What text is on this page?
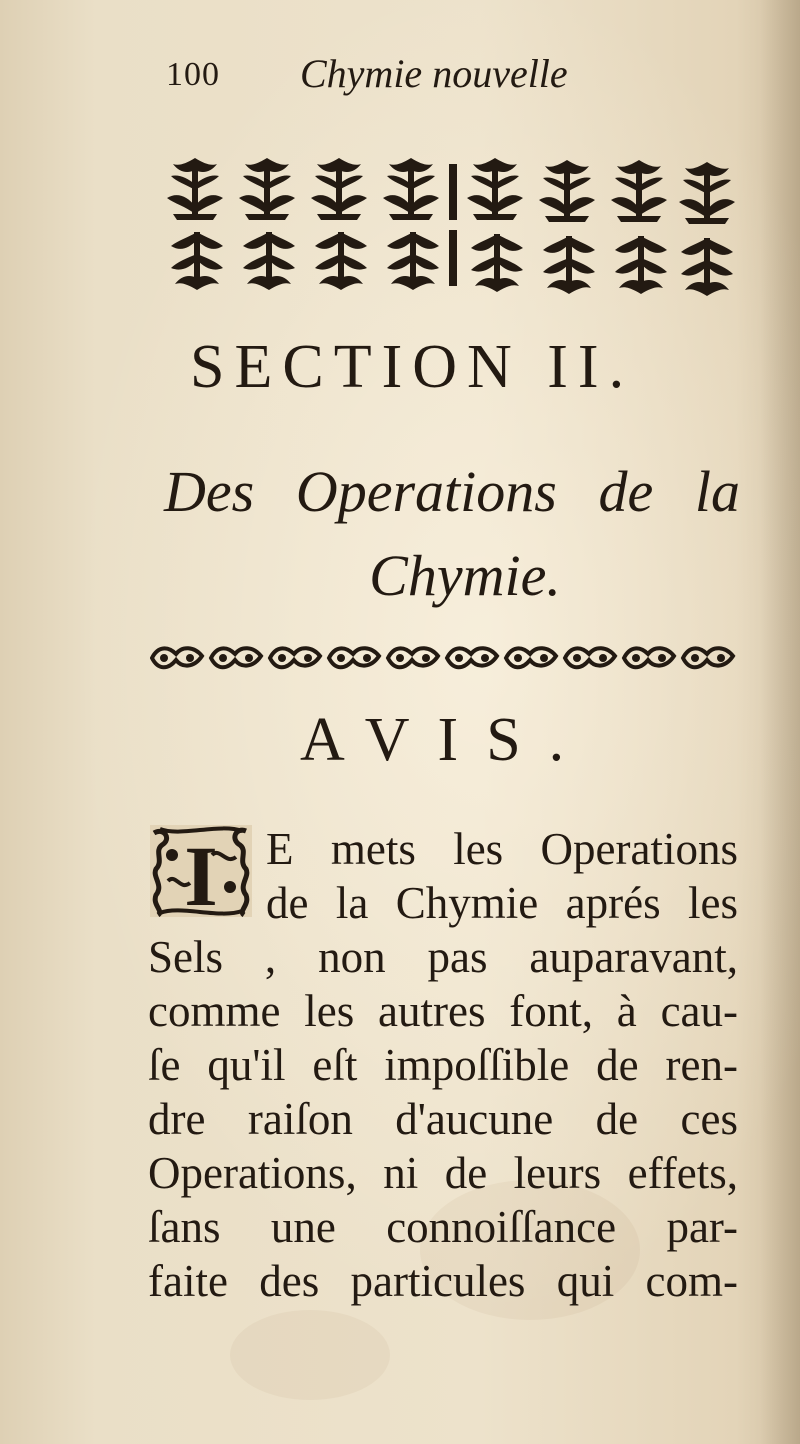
100 Chymie nouvelle
SECTION II.
Des Operations de la
Chymie.
AVIS.
I	E mets les Operations
de la Chymie aprés les
Sels , non pas auparavant,
comme les autres font, à cau-
ſe qu'il eſt impoſſible de ren-
dre raiſon d'aucune de ces
Operations, ni de leurs effets,
ſans une connoiſſance par-
faite des particules qui com-
